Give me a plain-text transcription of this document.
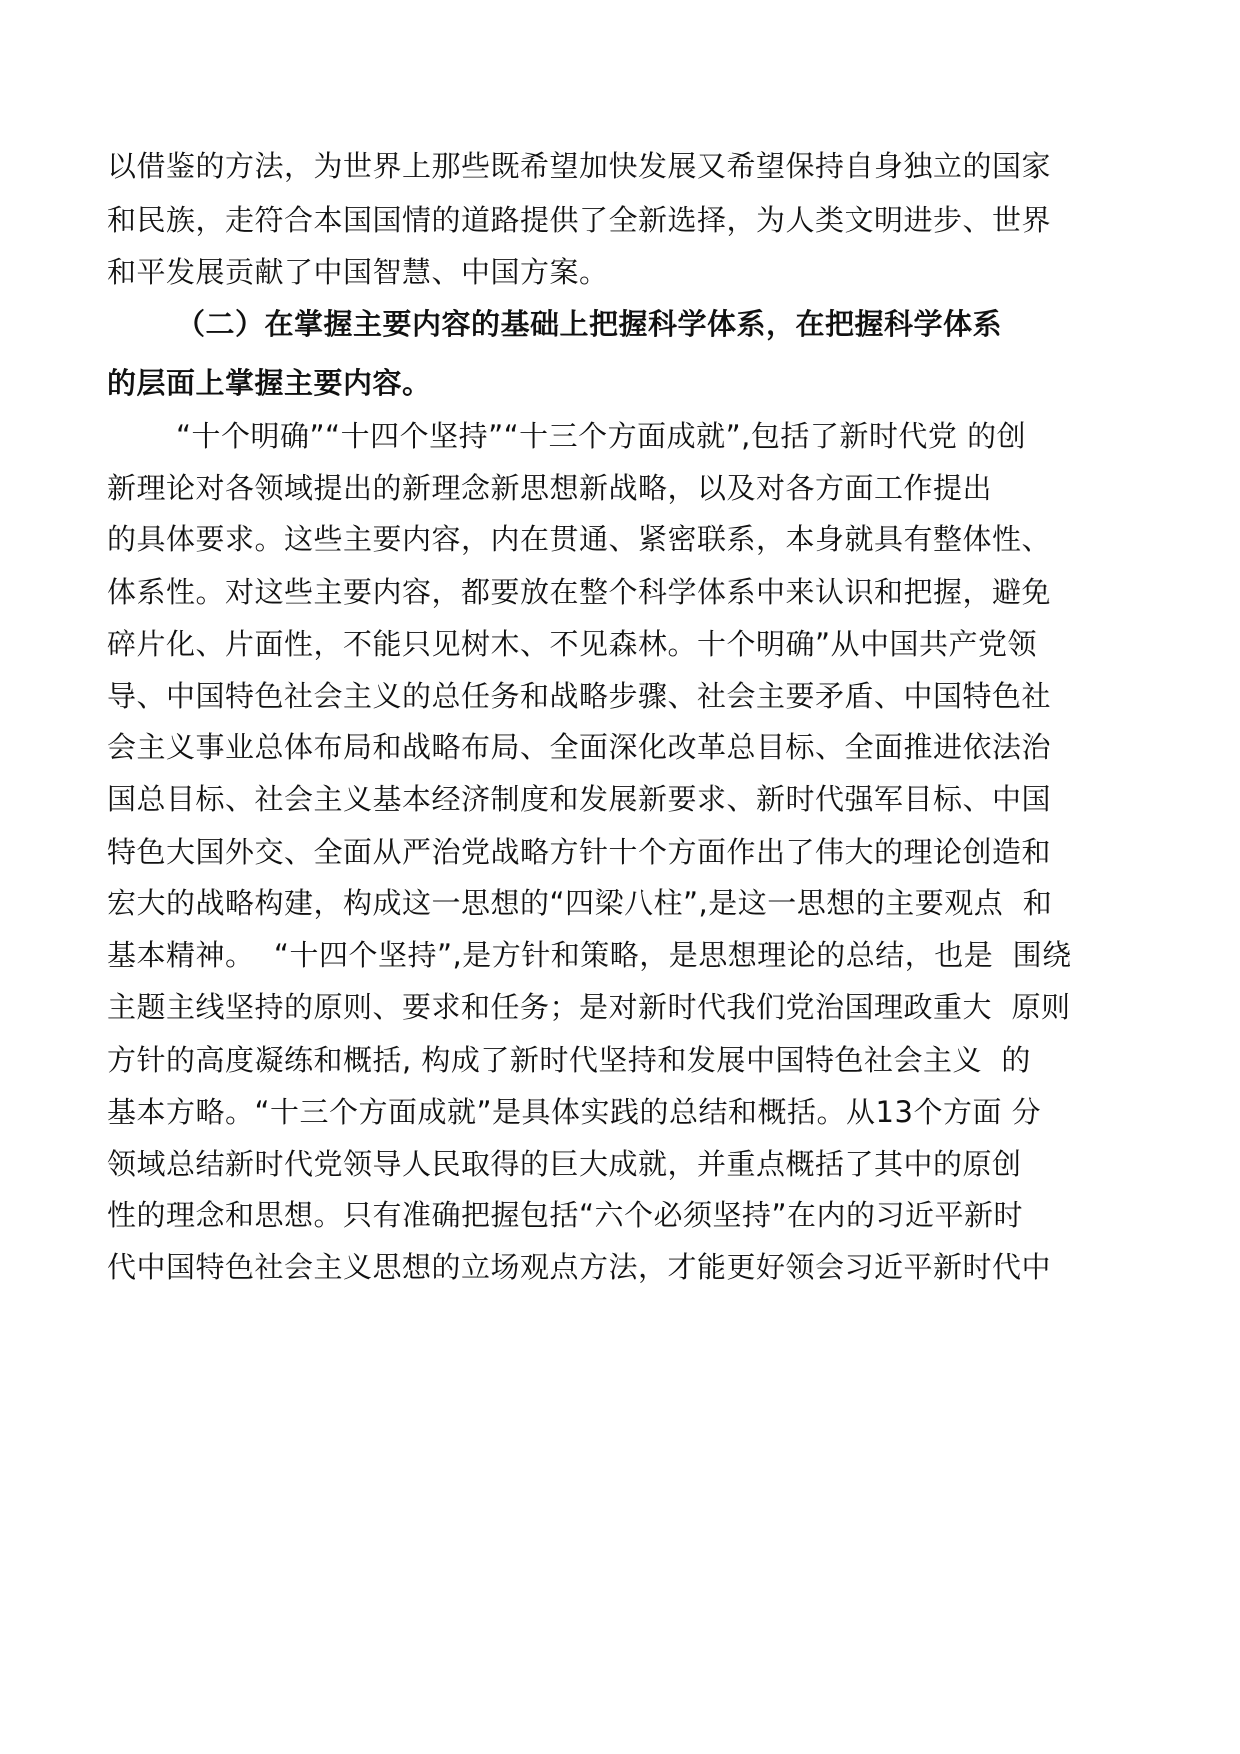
以借鉴的方法，为世界上那些既希望加快发展又希望保持自身独立的国家
和民族，走符合本国国情的道路提供了全新选择，为人类文明进步、世界
和平发展贡献了中国智慧、中国方案。
（二）在掌握主要内容的基础上把握科学体系，在把握科学体系
的层面上掌握主要内容。
“十个明确”“十四个坚持”“十三个方面成就”,包括了新时代党 的创
新理论对各领域提出的新理念新思想新战略，以及对各方面工作提出
的具体要求。这些主要内容，内在贯通、紧密联系，本身就具有整体性、
体系性。对这些主要内容，都要放在整个科学体系中来认识和把握，避免
碎片化、片面性，不能只见树木、不见森林。十个明确”从中国共产党领
导、中国特色社会主义的总任务和战略步骤、社会主要矛盾、中国特色社
会主义事业总体布局和战略布局、全面深化改革总目标、全面推进依法治
国总目标、社会主义基本经济制度和发展新要求、新时代强军目标、中国
特色大国外交、全面从严治党战略方针十个方面作出了伟大的理论创造和
宏大的战略构建，构成这一思想的“四梁八柱”,是这一思想的主要观点  和
基本精神。  “十四个坚持”,是方针和策略，是思想理论的总结，也是  围绕
主题主线坚持的原则、要求和任务；是对新时代我们党治国理政重大  原则
方针的高度凝练和概括, 构成了新时代坚持和发展中国特色社会主义  的
基本方略。“十三个方面成就”是具体实践的总结和概括。从13个方面 分
领域总结新时代党领导人民取得的巨大成就，并重点概括了其中的原创
性的理念和思想。只有准确把握包括“六个必须坚持”在内的习近平新时
代中国特色社会主义思想的立场观点方法，才能更好领会习近平新时代中
